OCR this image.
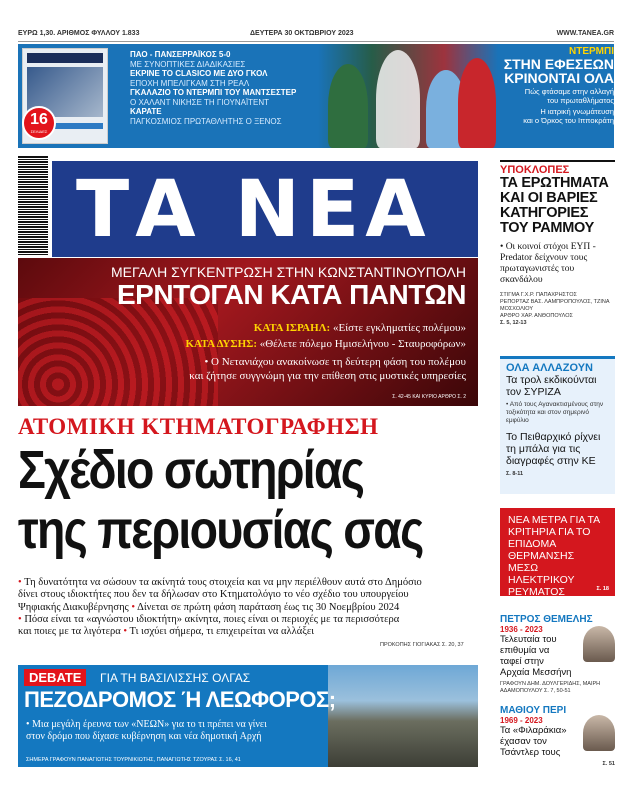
ΕΥΡΩ 1,30. ΑΡΙΘΜΟΣ ΦΥΛΛΟΥ 1.833	ΔΕΥΤΕΡΑ 30 ΟΚΤΩΒΡΙΟΥ 2023	WWW.TANEA.GR
16
ΣΕΛΙΔΕΣ
ΠΑΟ - ΠΑΝΣΕΡΡΑΪΚΟΣ 5-0
ΜΕ ΣΥΝΟΠΤΙΚΕΣ ΔΙΑΔΙΚΑΣΙΕΣ
ΕΚΡΙΝΕ ΤΟ CLASICO ΜΕ ΔΥΟ ΓΚΟΛ
ΕΠΟΧΗ ΜΠΕΛΙΓΚΑΜ ΣΤΗ ΡΕΑΛ
ΓΚΑΛΑΖΙΟ ΤΟ ΝΤΕΡΜΠΙ ΤΟΥ ΜΑΝΤΣΕΣΤΕΡ
Ο ΧΑΛΑΝΤ ΝΙΚΗΣΕ ΤΗ ΓΙΟΥΝΑΪΤΕΝΤ
ΚΑΡΑΤΕ
ΠΑΓΚΟΣΜΙΟΣ ΠΡΩΤΑΘΛΗΤΗΣ Ο ΞΕΝΟΣ
ΝΤΕΡΜΠΙ
ΣΤΗΝ ΕΦΕΣΕΩΝ
ΚΡΙΝΟΝΤΑΙ ΟΛΑ
Πώς φτάσαμε στην αλλαγή
του πρωταθλήματος
Η ιατρική γνωμάτευση
και ο Όρκος του Ιπποκράτη
ΤΑ ΝΕΑ
ΜΕΓΑΛΗ ΣΥΓΚΕΝΤΡΩΣΗ ΣΤΗΝ ΚΩΝΣΤΑΝΤΙΝΟΥΠΟΛΗ
ΕΡΝΤΟΓΑΝ ΚΑΤΑ ΠΑΝΤΩΝ
ΚΑΤΑ ΙΣΡΑΗΛ: «Είστε εγκληματίες πολέμου»
ΚΑΤΑ ΔΥΣΗΣ: «Θέλετε πόλεμο Ημισελήνου - Σταυροφόρων»
• Ο Νετανιάχου ανακοίνωσε τη δεύτερη φάση του πολέμου
και ζήτησε συγγνώμη για την επίθεση στις μυστικές υπηρεσίες
Σ. 42-45 ΚΑΙ ΚΥΡΙΟ ΑΡΘΡΟ Σ. 2
ΑΤΟΜΙΚΗ ΚΤΗΜΑΤΟΓΡΑΦΗΣΗ
Σχέδιο σωτηρίας
της περιουσίας σας
• Τη δυνατότητα να σώσουν τα ακίνητά τους στοιχεία και να μην περιέλθουν αυτά στο Δημόσιο
δίνει στους ιδιοκτήτες που δεν τα δήλωσαν στο Κτηματολόγιο το νέο σχέδιο του υπουργείου
Ψηφιακής Διακυβέρνησης • Δίνεται σε πρώτη φάση παράταση έως τις 30 Νοεμβρίου 2024
• Πόσα είναι τα «αγνώστου ιδιοκτήτη» ακίνητα, ποιες είναι οι περιοχές με τα περισσότερα
και ποιες με τα λιγότερα • Τι ισχύει σήμερα, τι επιχειρείται να αλλάξει
ΠΡΟΚΟΠΗΣ ΓΙΟΓΙΑΚΑΣ Σ. 20, 37
DEBATE	ΓΙΑ ΤΗ ΒΑΣΙΛΙΣΣΗΣ ΟΛΓΑΣ
ΠΕΖΟΔΡΟΜΟΣ Ή ΛΕΩΦΟΡΟΣ;
• Μια μεγάλη έρευνα των «ΝΕΩΝ» για το τι πρέπει να γίνει
στον δρόμο που δίχασε κυβέρνηση και νέα δημοτική Αρχή
ΣΗΜΕΡΑ ΓΡΑΦΟΥΝ ΠΑΝΑΓΙΩΤΗΣ ΤΟΥΡΝΙΚΙΩΤΗΣ, ΠΑΝΑΓΙΩΤΗΣ ΤΖΟΥΡΑΣ Σ. 16, 41
ΥΠΟΚΛΟΠΕΣ
ΤΑ ΕΡΩΤΗΜΑΤΑ ΚΑΙ ΟΙ ΒΑΡΙΕΣ ΚΑΤΗΓΟΡΙΕΣ ΤΟΥ ΡΑΜΜΟΥ
• Οι κοινοί στόχοι ΕΥΠ - Predator δείχνουν τους πρωταγωνιστές του σκανδάλου
ΣΤΙΓΜΑ Γ.Χ.Ρ. ΠΑΠΑΧΡΗΣΤΟΣ
ΡΕΠΟΡΤΑΖ ΒΑΣ. ΛΑΜΠΡΟΠΟΥΛΟΣ, ΤΖΙΝΑ ΜΟΣΧΟΛΙΟΥ
ΑΡΘΡΟ ΧΑΡ. ΑΝΘΟΠΟΥΛΟΣ
Σ. 5, 12-13
ΟΛΑ ΑΛΛΑΖΟΥΝ
Τα τρολ εκδικούνται τον ΣΥΡΙΖΑ
• Από τους Αγανακτισμένους στην τοξικότητα και στον σημερινό εμφύλιο
Το Πειθαρχικό ρίχνει τη μπάλα για τις διαγραφές στην ΚΕ
Σ. 8-11
ΝΕΑ ΜΕΤΡΑ ΓΙΑ ΤΑ ΚΡΙΤΗΡΙΑ ΓΙΑ ΤΟ ΕΠΙΔΟΜΑ ΘΕΡΜΑΝΣΗΣ ΜΕΣΩ ΗΛΕΚΤΡΙΚΟΥ ΡΕΥΜΑΤΟΣ	Σ. 18
ΠΕΤΡΟΣ ΘΕΜΕΛΗΣ
1936 - 2023
Τελευταία του επιθυμία να ταφεί στην Αρχαία Μεσσήνη
ΓΡΑΦΟΥΝ ΔΗΜ. ΔΟΥΛΓΕΡΙΔΗΣ, ΜΑΙΡΗ ΑΔΑΜΟΠΟΥΛΟΥ Σ. 7, 50-51
ΜΑΘΙΟΥ ΠΕΡΙ
1969 - 2023
Τα «Φιλαράκια» έχασαν τον Τσάντλερ τους
Σ. 51
